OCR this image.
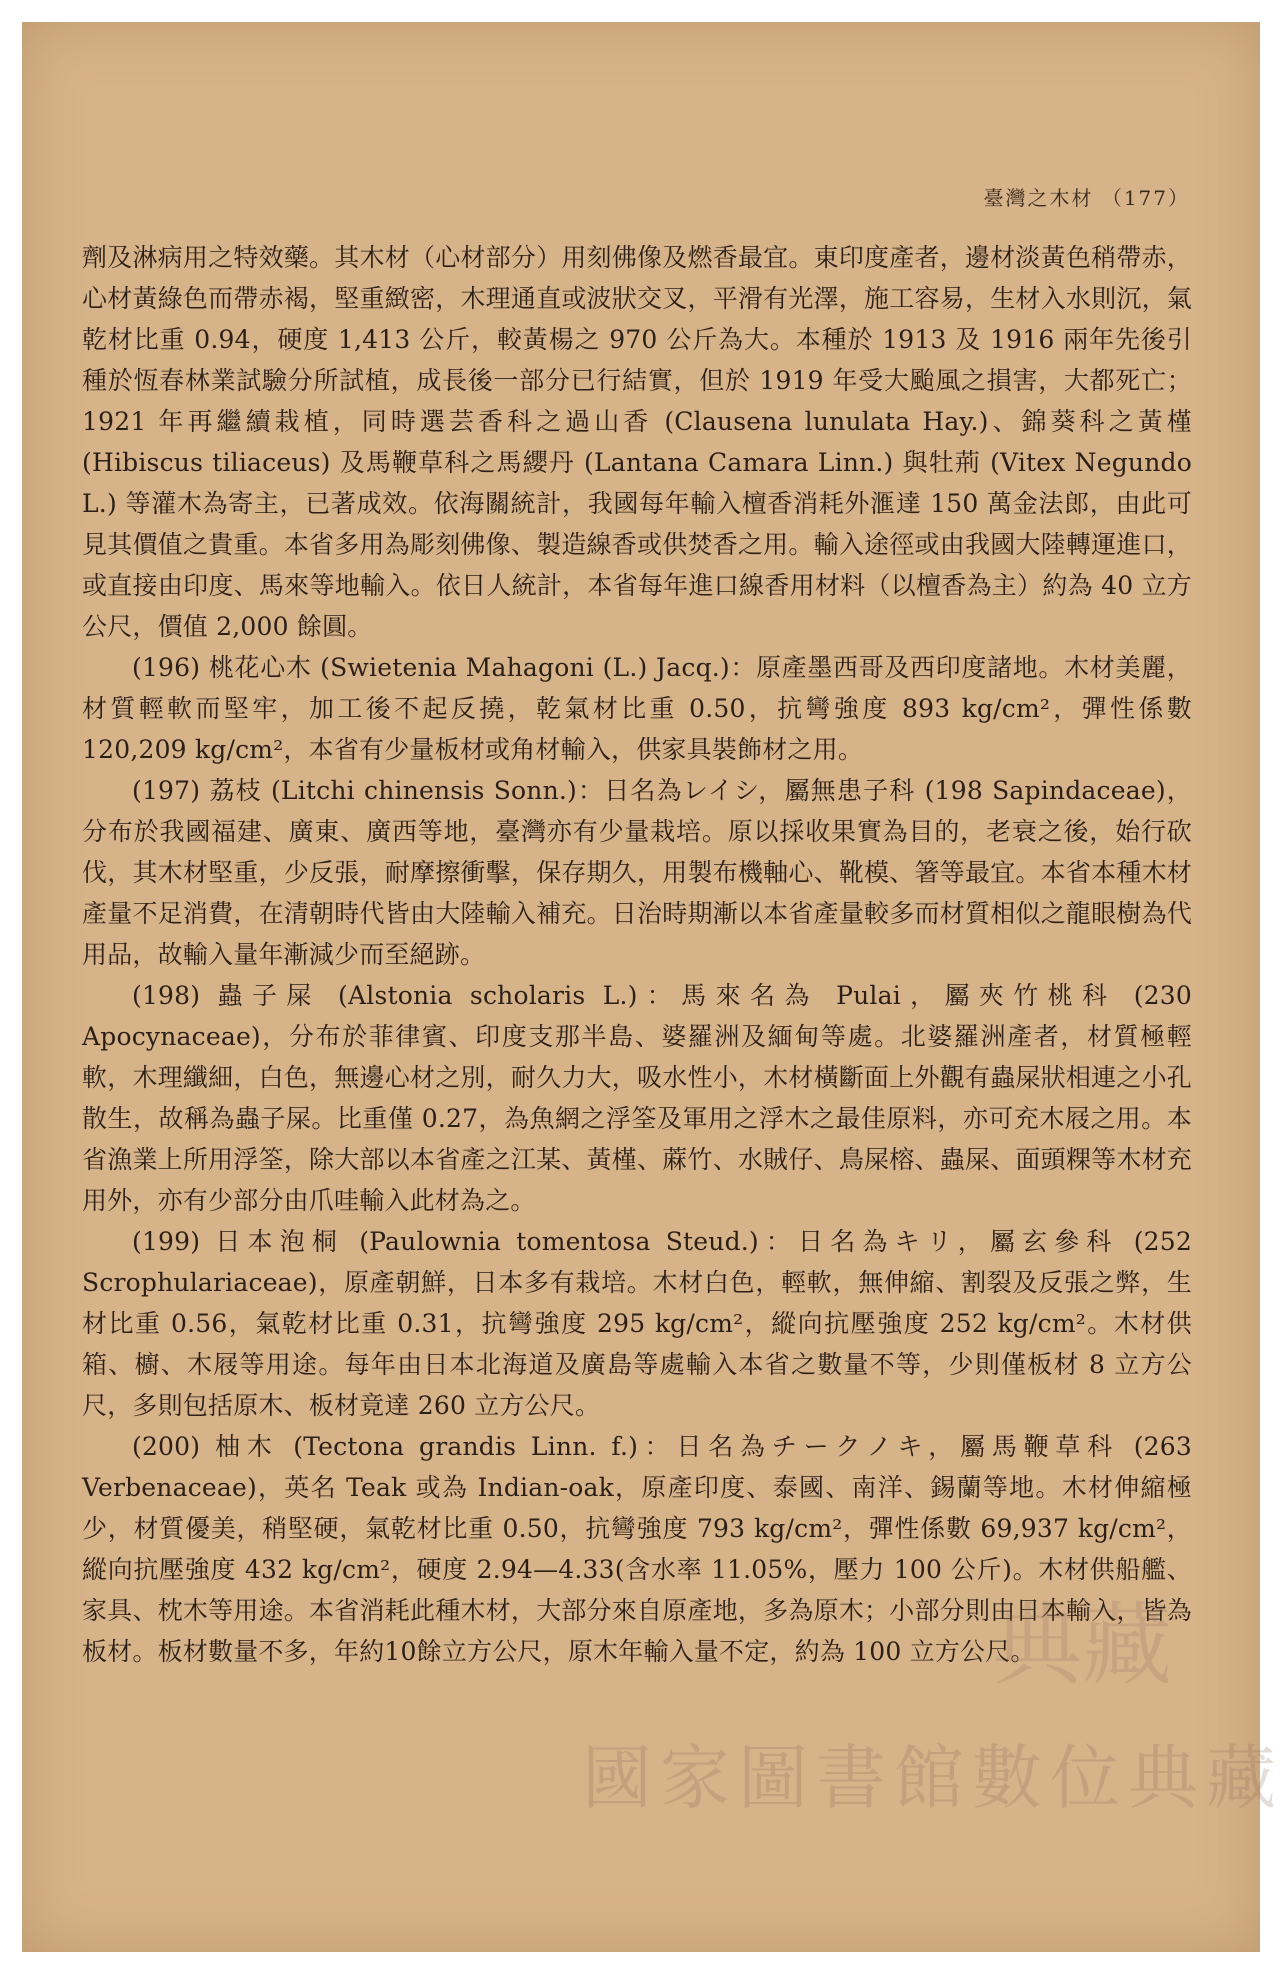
臺灣之木材 （177）

劑及淋病用之特效藥。其木材（心材部分）用刻佛像及燃香最宜。東印度產者，邊材淡黃色稍帶赤，心材黃綠色而帶赤褐，堅重緻密，木理通直或波狀交叉，平滑有光澤，施工容易，生材入水則沉，氣乾材比重 0.94，硬度 1,413 公斤，較黃楊之 970 公斤為大。本種於 1913 及 1916 兩年先後引種於恆春林業試驗分所試植，成長後一部分已行結實，但於 1919 年受大颱風之損害，大都死亡；1921 年再繼續栽植，同時選芸香科之過山香 (Clausena lunulata Hay.)、錦葵科之黃槿 (Hibiscus tiliaceus) 及馬鞭草科之馬纓丹 (Lantana Camara Linn.) 與牡荊 (Vitex Negundo L.) 等灌木為寄主，已著成效。依海關統計，我國每年輸入檀香消耗外滙達 150 萬金法郎，由此可見其價值之貴重。本省多用為彫刻佛像、製造線香或供焚香之用。輸入途徑或由我國大陸轉運進口，或直接由印度、馬來等地輸入。依日人統計，本省每年進口線香用材料（以檀香為主）約為 40 立方公尺，價值 2,000 餘圓。

(196) 桃花心木 (Swietenia Mahagoni (L.) Jacq.)：原產墨西哥及西印度諸地。木材美麗，材質輕軟而堅牢，加工後不起反撓，乾氣材比重 0.50，抗彎強度 893 kg/cm²，彈性係數 120,209 kg/cm²，本省有少量板材或角材輸入，供家具裝飾材之用。

(197) 荔枝 (Litchi chinensis Sonn.)：日名為レイシ，屬無患子科 (198 Sapindaceae)，分布於我國福建、廣東、廣西等地，臺灣亦有少量栽培。原以採收果實為目的，老衰之後，始行砍伐，其木材堅重，少反張，耐摩擦衝擊，保存期久，用製布機軸心、靴模、箸等最宜。本省本種木材產量不足消費，在清朝時代皆由大陸輸入補充。日治時期漸以本省產量較多而材質相似之龍眼樹為代用品，故輸入量年漸減少而至絕跡。

(198) 蟲子屎 (Alstonia scholaris L.)：馬來名為 Pulai，屬夾竹桃科 (230 Apocynaceae)，分布於菲律賓、印度支那半島、婆羅洲及緬甸等處。北婆羅洲產者，材質極輕軟，木理纖細，白色，無邊心材之別，耐久力大，吸水性小，木材橫斷面上外觀有蟲屎狀相連之小孔散生，故稱為蟲子屎。比重僅 0.27，為魚網之浮筌及軍用之浮木之最佳原料，亦可充木屐之用。本省漁業上所用浮筌，除大部以本省產之江某、黃槿、蔴竹、水賊仔、鳥屎榕、蟲屎、面頭粿等木材充用外，亦有少部分由爪哇輸入此材為之。

(199) 日本泡桐 (Paulownia tomentosa Steud.)：日名為キリ，屬玄參科 (252 Scrophulariaceae)，原產朝鮮，日本多有栽培。木材白色，輕軟，無伸縮、割裂及反張之弊，生材比重 0.56，氣乾材比重 0.31，抗彎強度 295 kg/cm²，縱向抗壓強度 252 kg/cm²。木材供箱、櫥、木屐等用途。每年由日本北海道及廣島等處輸入本省之數量不等，少則僅板材 8 立方公尺，多則包括原木、板材竟達 260 立方公尺。

(200) 柚木 (Tectona grandis Linn. f.)：日名為チークノキ，屬馬鞭草科 (263 Verbenaceae)，英名 Teak 或為 Indian-oak，原產印度、泰國、南洋、錫蘭等地。木材伸縮極少，材質優美，稍堅硬，氣乾材比重 0.50，抗彎強度 793 kg/cm²，彈性係數 69,937 kg/cm²，縱向抗壓強度 432 kg/cm²，硬度 2.94—4.33(含水率 11.05%，壓力 100 公斤)。木材供船艦、家具、枕木等用途。本省消耗此種木材，大部分來自原產地，多為原木；小部分則由日本輸入，皆為板材。板材數量不多，年約10餘立方公尺，原木年輸入量不定，約為 100 立方公尺。

典藏
國家圖書館數位典藏
